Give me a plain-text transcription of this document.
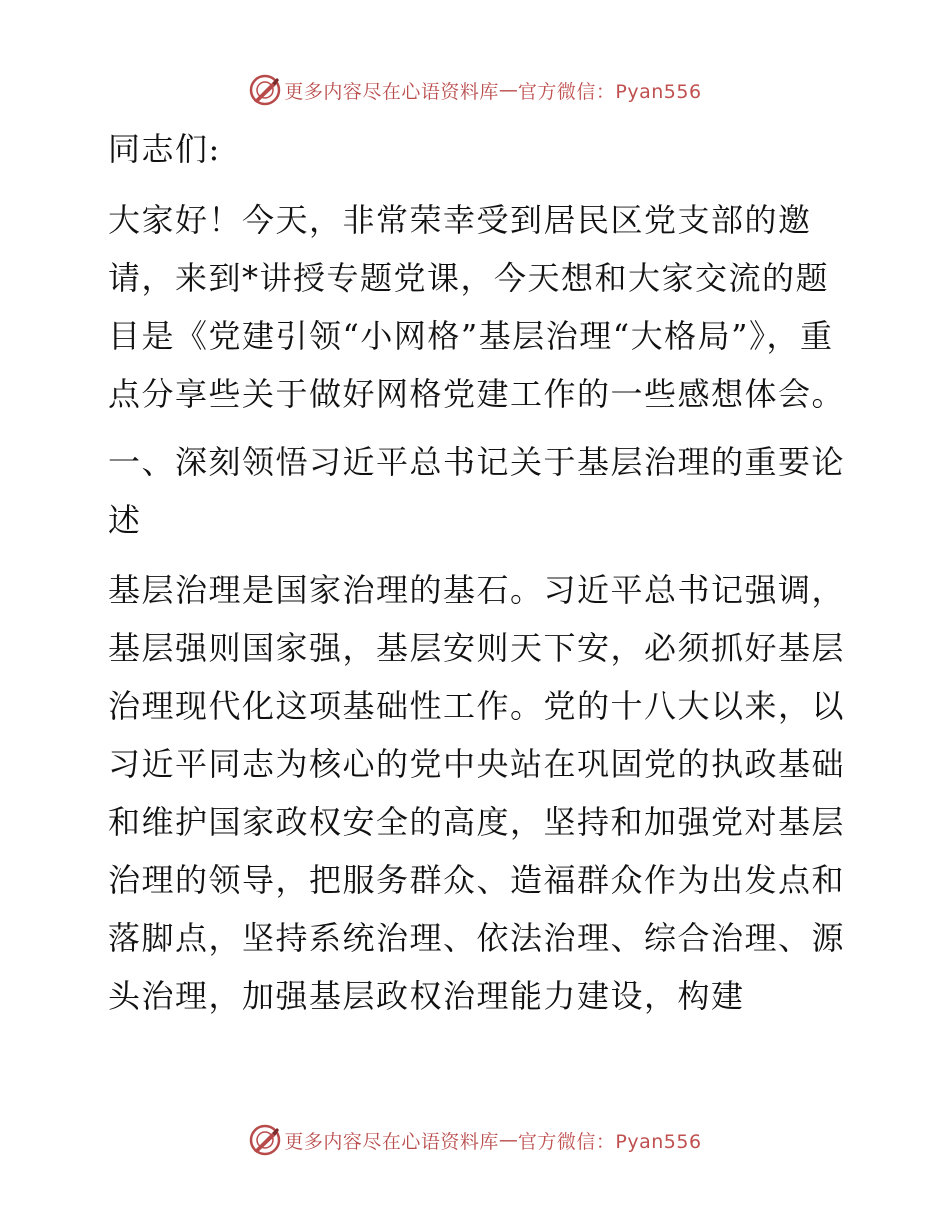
更多内容尽在心语资料库 — 官方微信：Pyan556

同志们:

大家好！今天，非常荣幸受到居民区党支部的邀请，来到*讲授专题党课，今天想和大家交流的题目是《党建引领“小网格”基层治理“大格局”》，重点分享些关于做好网格党建工作的一些感想体会。

一、深刻领悟习近平总书记关于基层治理的重要论述

基层治理是国家治理的基石。习近平总书记强调，基层强则国家强，基层安则天下安，必须抓好基层治理现代化这项基础性工作。党的十八大以来，以习近平同志为核心的党中央站在巩固党的执政基础和维护国家政权安全的高度，坚持和加强党对基层治理的领导，把服务群众、造福群众作为出发点和落脚点，坚持系统治理、依法治理、综合治理、源头治理，加强基层政权治理能力建设，构建

更多内容尽在心语资料库 — 官方微信：Pyan556
